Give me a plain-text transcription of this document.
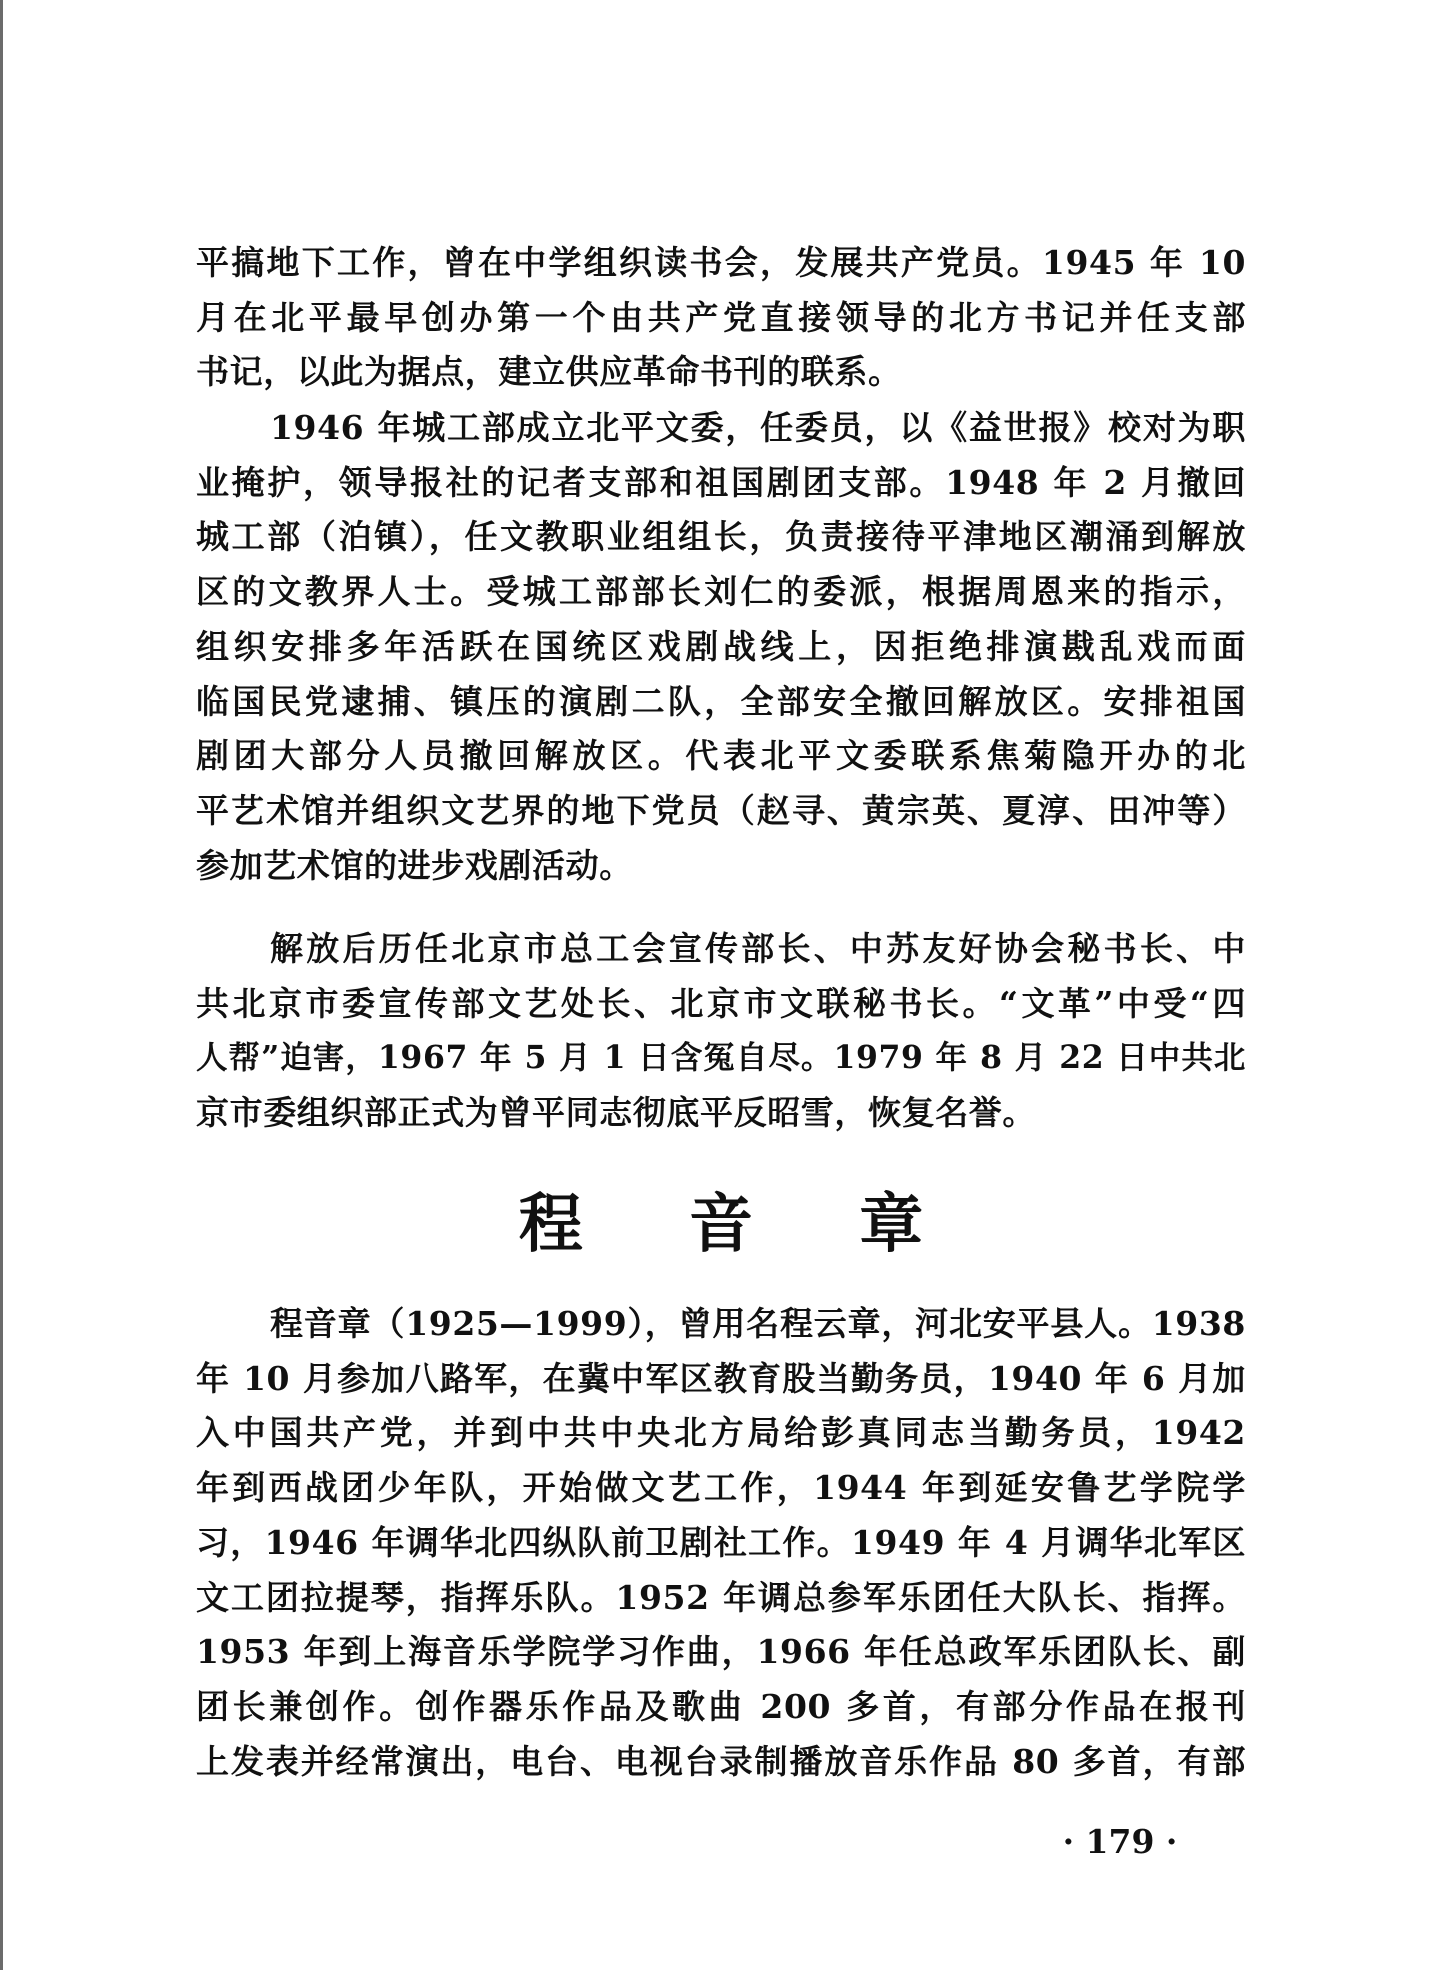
平搞地下工作，曾在中学组织读书会，发展共产党员。1945 年 10
月在北平最早创办第一个由共产党直接领导的北方书记并任支部
书记，以此为据点，建立供应革命书刊的联系。
1946 年城工部成立北平文委，任委员，以《益世报》校对为职
业掩护，领导报社的记者支部和祖国剧团支部。1948 年 2 月撤回
城工部（泊镇），任文教职业组组长，负责接待平津地区潮涌到解放
区的文教界人士。受城工部部长刘仁的委派，根据周恩来的指示，
组织安排多年活跃在国统区戏剧战线上，因拒绝排演戡乱戏而面
临国民党逮捕、镇压的演剧二队，全部安全撤回解放区。安排祖国
剧团大部分人员撤回解放区。代表北平文委联系焦菊隐开办的北
平艺术馆并组织文艺界的地下党员（赵寻、黄宗英、夏淳、田冲等）
参加艺术馆的进步戏剧活动。
解放后历任北京市总工会宣传部长、中苏友好协会秘书长、中
共北京市委宣传部文艺处长、北京市文联秘书长。“文革”中受“四
人帮”迫害，1967 年 5 月 1 日含冤自尽。1979 年 8 月 22 日中共北
京市委组织部正式为曾平同志彻底平反昭雪，恢复名誉。
程 音 章
程音章（1925—1999），曾用名程云章，河北安平县人。1938
年 10 月参加八路军，在冀中军区教育股当勤务员，1940 年 6 月加
入中国共产党，并到中共中央北方局给彭真同志当勤务员，1942
年到西战团少年队，开始做文艺工作，1944 年到延安鲁艺学院学
习，1946 年调华北四纵队前卫剧社工作。1949 年 4 月调华北军区
文工团拉提琴，指挥乐队。1952 年调总参军乐团任大队长、指挥。
1953 年到上海音乐学院学习作曲，1966 年任总政军乐团队长、副
团长兼创作。创作器乐作品及歌曲 200 多首，有部分作品在报刊
上发表并经常演出，电台、电视台录制播放音乐作品 80 多首，有部
· 179 ·
